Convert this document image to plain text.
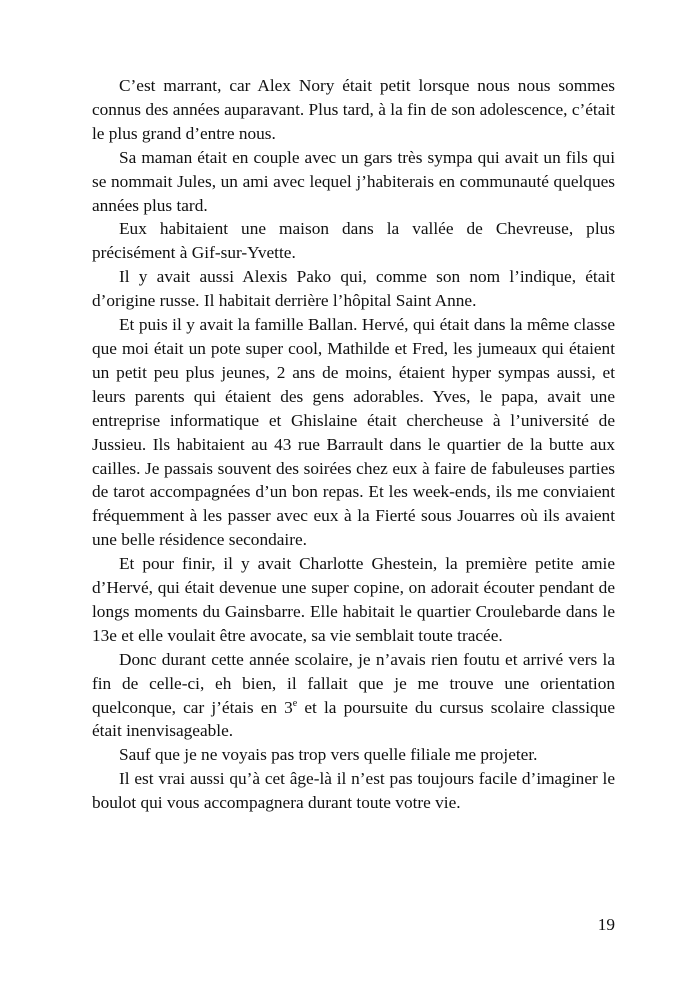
C’est marrant, car Alex Nory était petit lorsque nous nous sommes connus des années auparavant. Plus tard, à la fin de son adolescence, c’était le plus grand d’entre nous.

Sa maman était en couple avec un gars très sympa qui avait un fils qui se nommait Jules, un ami avec lequel j’habiterais en communauté quelques années plus tard.

Eux habitaient une maison dans la vallée de Chevreuse, plus précisément à Gif-sur-Yvette.

Il y avait aussi Alexis Pako qui, comme son nom l’indique, était d’origine russe. Il habitait derrière l’hôpital Saint Anne.

Et puis il y avait la famille Ballan. Hervé, qui était dans la même classe que moi était un pote super cool, Mathilde et Fred, les jumeaux qui étaient un petit peu plus jeunes, 2 ans de moins, étaient hyper sympas aussi, et leurs parents qui étaient des gens adorables. Yves, le papa, avait une entreprise informatique et Ghislaine était chercheuse à l’université de Jussieu. Ils habitaient au 43 rue Barrault dans le quartier de la butte aux cailles. Je passais souvent des soirées chez eux à faire de fabuleuses parties de tarot accompagnées d’un bon repas. Et les week-ends, ils me conviaient fréquemment à les passer avec eux à la Fierté sous Jouarres où ils avaient une belle résidence secondaire.

Et pour finir, il y avait Charlotte Ghestein, la première petite amie d’Hervé, qui était devenue une super copine, on adorait écouter pendant de longs moments du Gainsbarre. Elle habitait le quartier Croulebarde dans le 13e et elle voulait être avocate, sa vie semblait toute tracée.

Donc durant cette année scolaire, je n’avais rien foutu et arrivé vers la fin de celle-ci, eh bien, il fallait que je me trouve une orientation quelconque, car j’étais en 3e et la poursuite du cursus scolaire classique était inenvisageable.

Sauf que je ne voyais pas trop vers quelle filiale me projeter.

Il est vrai aussi qu’à cet âge-là il n’est pas toujours facile d’imaginer le boulot qui vous accompagnera durant toute votre vie.

19
